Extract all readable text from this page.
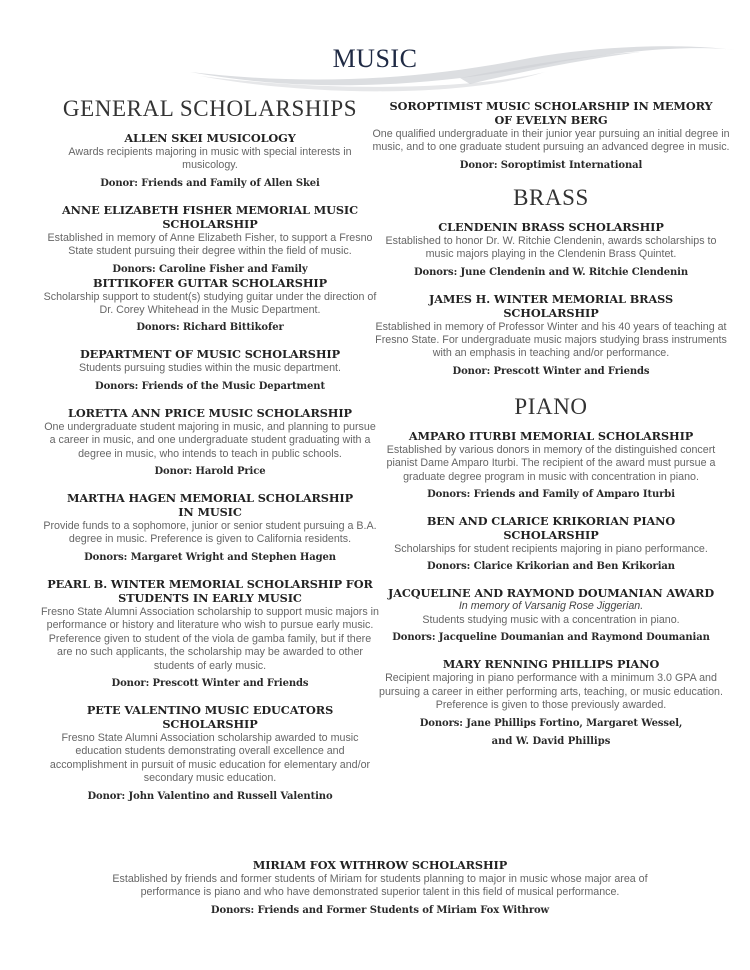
MUSIC
GENERAL SCHOLARSHIPS
ALLEN SKEI MUSICOLOGY
Awards recipients majoring in music with special interests in musicology.
Donor: Friends and Family of Allen Skei
ANNE ELIZABETH FISHER MEMORIAL MUSIC SCHOLARSHIP
Established in memory of Anne Elizabeth Fisher, to support a Fresno State student pursuing their degree within the field of music.
Donors: Caroline Fisher and Family
BITTIKOFER GUITAR SCHOLARSHIP
Scholarship support to student(s) studying guitar under the direction of Dr. Corey Whitehead in the Music Department.
Donors: Richard Bittikofer
DEPARTMENT OF MUSIC SCHOLARSHIP
Students pursuing studies within the music department.
Donors: Friends of the Music Department
LORETTA ANN PRICE MUSIC SCHOLARSHIP
One undergraduate student majoring in music, and planning to pursue a career in music, and one undergraduate student graduating with a degree in music, who intends to teach in public schools.
Donor: Harold Price
MARTHA HAGEN MEMORIAL SCHOLARSHIP IN MUSIC
Provide funds to a sophomore, junior or senior student pursuing a B.A. degree in music. Preference is given to California residents.
Donors: Margaret Wright and Stephen Hagen
PEARL B. WINTER MEMORIAL SCHOLARSHIP FOR STUDENTS IN EARLY MUSIC
Fresno State Alumni Association scholarship to support music majors in performance or history and literature who wish to pursue early music. Preference given to student of the viola de gamba family, but if there are no such applicants, the scholarship may be awarded to other students of early music.
Donor: Prescott Winter and Friends
PETE VALENTINO MUSIC EDUCATORS SCHOLARSHIP
Fresno State Alumni Association scholarship awarded to music education students demonstrating overall excellence and accomplishment in pursuit of music education for elementary and/or secondary music education.
Donor: John Valentino and Russell Valentino
SOROPTIMIST MUSIC SCHOLARSHIP IN MEMORY OF EVELYN BERG
One qualified undergraduate in their junior year pursuing an initial degree in music, and to one graduate student pursuing an advanced degree in music.
Donor: Soroptimist International
BRASS
CLENDENIN BRASS SCHOLARSHIP
Established to honor Dr. W. Ritchie Clendenin, awards scholarships to music majors playing in the Clendenin Brass Quintet.
Donors: June Clendenin and W. Ritchie Clendenin
JAMES H. WINTER MEMORIAL BRASS SCHOLARSHIP
Established in memory of Professor Winter and his 40 years of teaching at Fresno State. For undergraduate music majors studying brass instruments with an emphasis in teaching and/or performance.
Donor: Prescott Winter and Friends
PIANO
AMPARO ITURBI MEMORIAL SCHOLARSHIP
Established by various donors in memory of the distinguished concert pianist Dame Amparo Iturbi. The recipient of the award must pursue a graduate degree program in music with concentration in piano.
Donors: Friends and Family of Amparo Iturbi
BEN AND CLARICE KRIKORIAN PIANO SCHOLARSHIP
Scholarships for student recipients majoring in piano performance.
Donors: Clarice Krikorian and Ben Krikorian
JACQUELINE AND RAYMOND DOUMANIAN AWARD
In memory of Varsanig Rose Jiggerian.
Students studying music with a concentration in piano.
Donors: Jacqueline Doumanian and Raymond Doumanian
MARY RENNING PHILLIPS PIANO
Recipient majoring in piano performance with a minimum 3.0 GPA and pursuing a career in either performing arts, teaching, or music education. Preference is given to those previously awarded.
Donors: Jane Phillips Fortino, Margaret Wessel,
and W. David Phillips
MIRIAM FOX WITHROW SCHOLARSHIP
Established by friends and former students of Miriam for students planning to major in music whose major area of performance is piano and who have demonstrated superior talent in this field of musical performance.
Donors: Friends and Former Students of Miriam Fox Withrow
